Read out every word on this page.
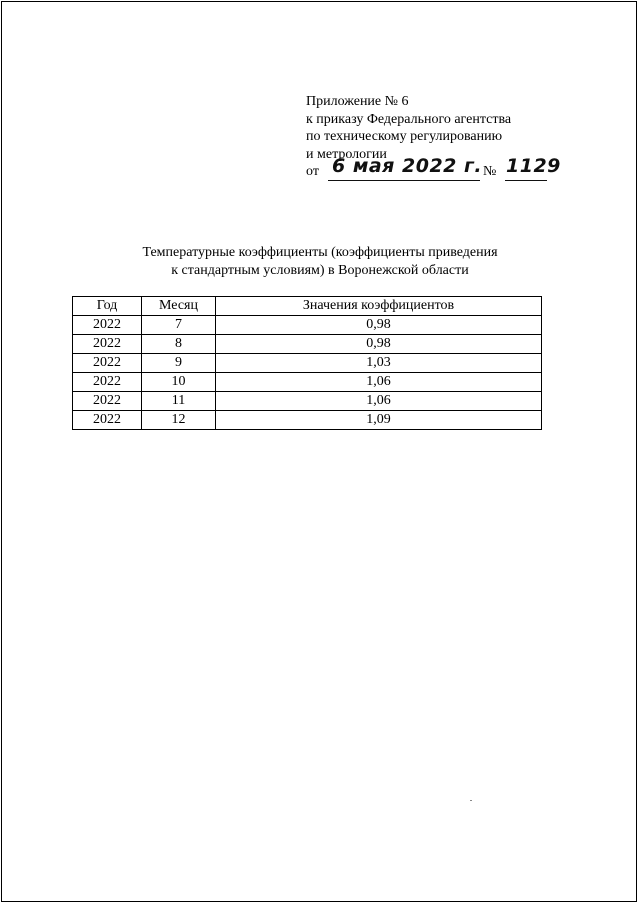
Приложение № 6
к приказу Федерального агентства
по техническому регулированию
и метрологии
от 6 мая 2022 г. № 1129
Температурные коэффициенты (коэффициенты приведения
к стандартным условиям) в Воронежской области
Год	Месяц	Значения коэффициентов
2022	7	0,98
2022	8	0,98
2022	9	1,03
2022	10	1,06
2022	11	1,06
2022	12	1,09
